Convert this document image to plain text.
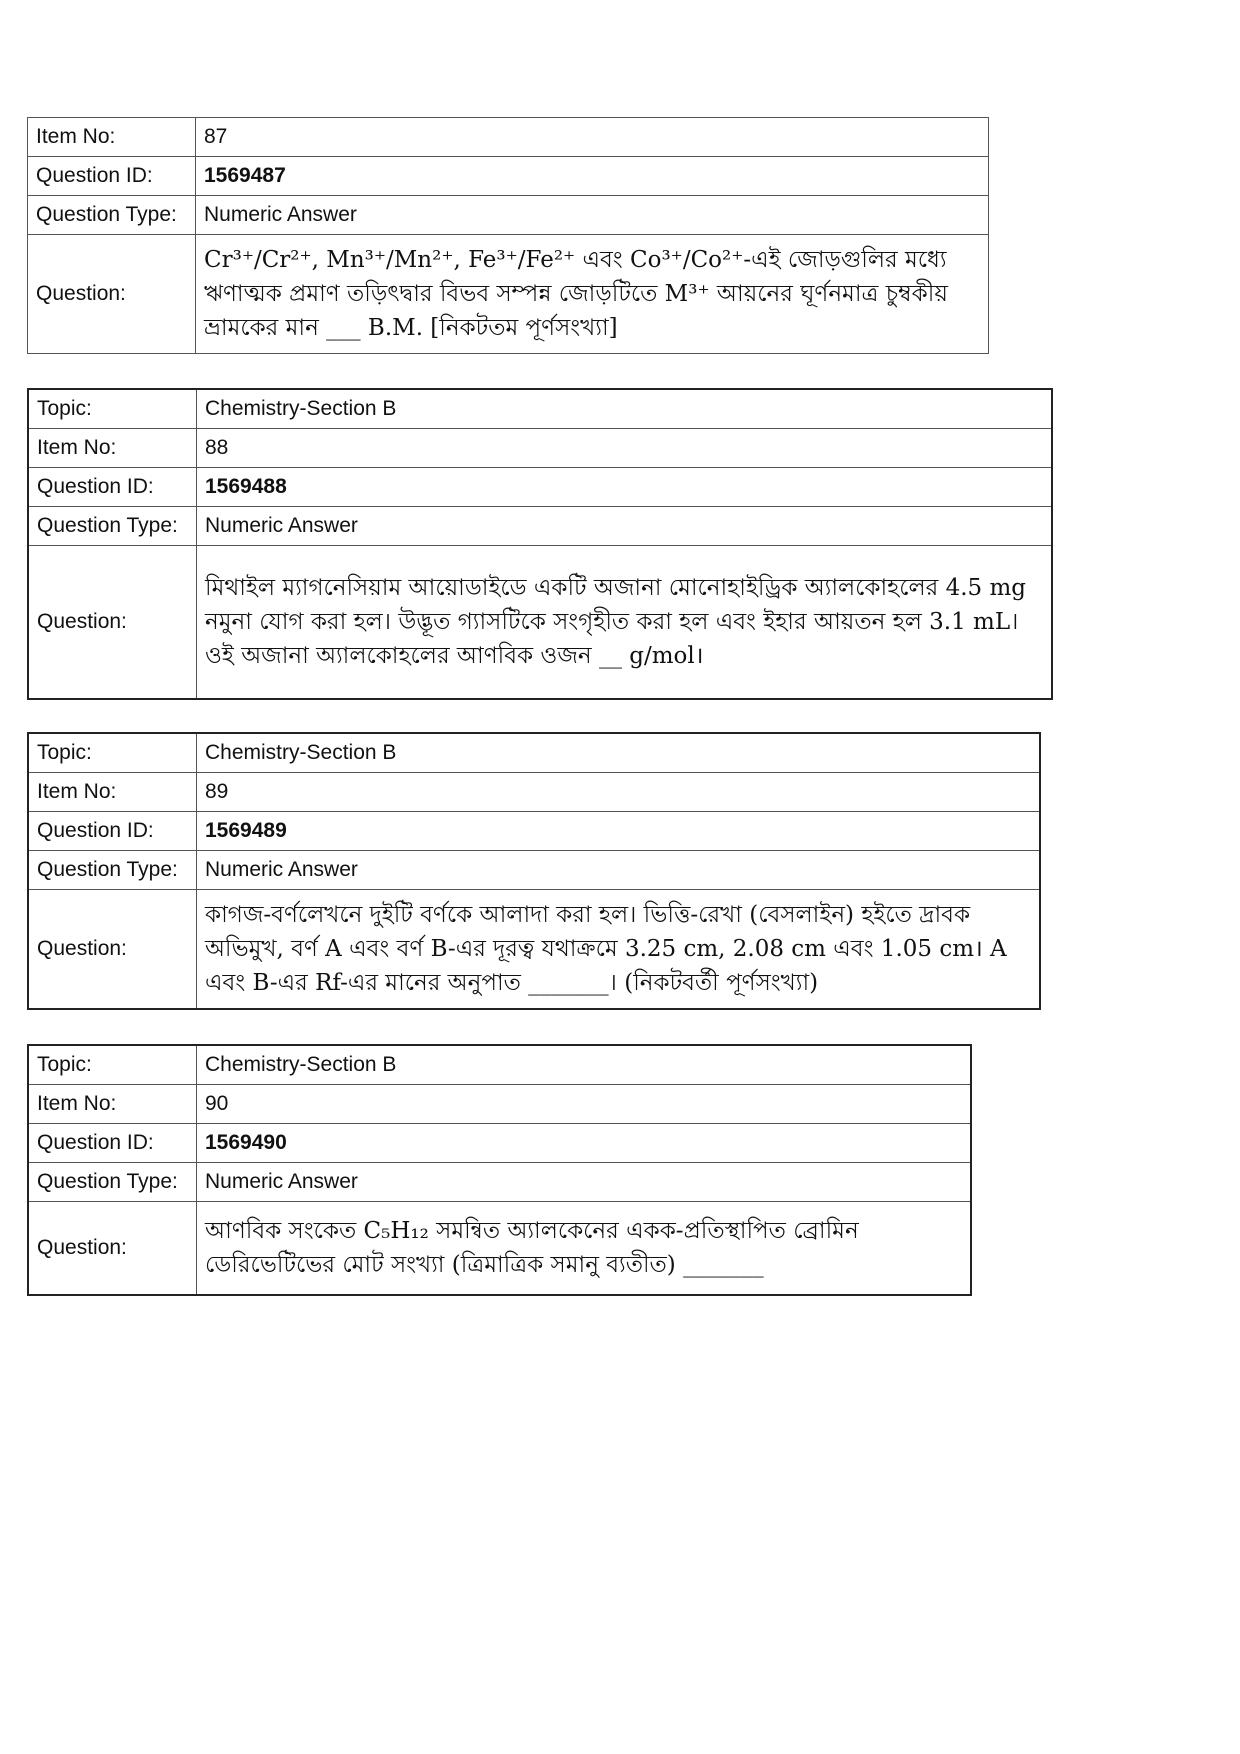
Item No:	87
Question ID:	1569487
Question Type:	Numeric Answer
Question:	Cr³⁺/Cr²⁺, Mn³⁺/Mn²⁺, Fe³⁺/Fe²⁺ এবং Co³⁺/Co²⁺-এই জোড়গুলির মধ্যে ঋণাত্মক প্রমাণ তড়িৎদ্বার বিভব সম্পন্ন জোড়টিতে M³⁺ আয়নের ঘূর্ণনমাত্র চুম্বকীয় ভ্রামকের মান ___ B.M. [নিকটতম পূর্ণসংখ্যা]
Topic:	Chemistry-Section B
Item No:	88
Question ID:	1569488
Question Type:	Numeric Answer
Question:	মিথাইল ম্যাগনেসিয়াম আয়োডাইডে একটি অজানা মোনোহাইড্রিক অ্যালকোহলের 4.5 mg নমুনা যোগ করা হল। উদ্ভূত গ্যাসটিকে সংগৃহীত করা হল এবং ইহার আয়তন হল 3.1 mL। ওই অজানা অ্যালকোহলের আণবিক ওজন __ g/mol।
Topic:	Chemistry-Section B
Item No:	89
Question ID:	1569489
Question Type:	Numeric Answer
Question:	কাগজ-বর্ণলেখনে দুইটি বর্ণকে আলাদা করা হল। ভিত্তি-রেখা (বেসলাইন) হইতে দ্রাবক অভিমুখ, বর্ণ A এবং বর্ণ B-এর দূরত্ব যথাক্রমে 3.25 cm, 2.08 cm এবং 1.05 cm। A এবং B-এর Rf-এর মানের অনুপাত _______। (নিকটবর্তী পূর্ণসংখ্যা)
Topic:	Chemistry-Section B
Item No:	90
Question ID:	1569490
Question Type:	Numeric Answer
Question:	আণবিক সংকেত C₅H₁₂ সমন্বিত অ্যালকেনের একক-প্রতিস্থাপিত ব্রোমিন ডেরিভেটিভের মোট সংখ্যা (ত্রিমাত্রিক সমানু ব্যতীত) _______
